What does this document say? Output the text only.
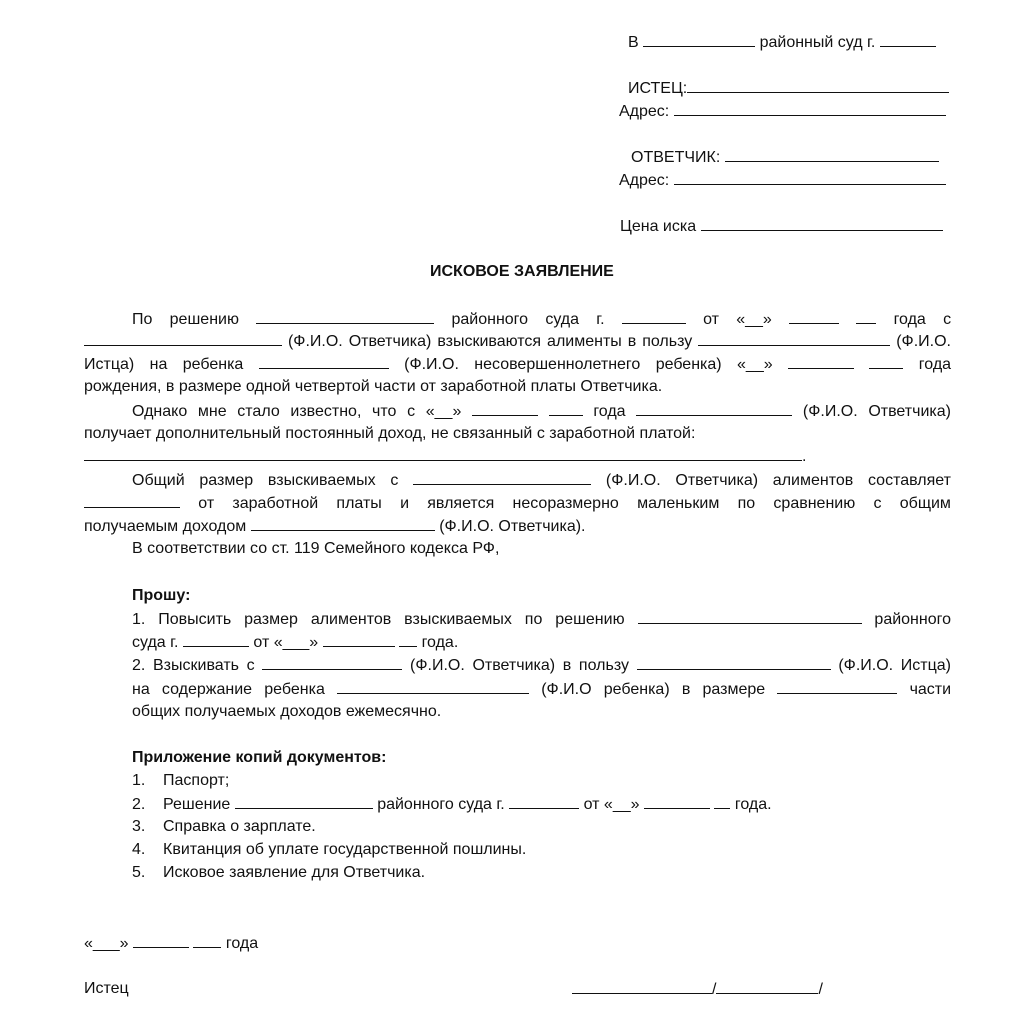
В	районный суд г.
ИСТЕЦ:
Адрес:
ОТВЕТЧИК:
Адрес:
Цена иска
ИСКОВОЕ ЗАЯВЛЕНИЕ
По решению	районного суда г.	от «__»	года с
(Ф.И.О. Ответчика) взыскиваются алименты в пользу	(Ф.И.О.
Истца) на ребенка	(Ф.И.О. несовершеннолетнего ребенка) «__»	года
рождения, в размере одной четвертой части от заработной платы Ответчика.
Однако мне стало известно, что с «__»	года	(Ф.И.О. Ответчика)
получает дополнительный постоянный доход, не связанный с заработной платой:
.
Общий размер взыскиваемых с	(Ф.И.О. Ответчика) алиментов составляет
от заработной платы и является несоразмерно маленьким по сравнению с общим
получаемым доходом	(Ф.И.О. Ответчика).
В соответствии со ст. 119 Семейного кодекса РФ,
Прошу:
1. Повысить размер алиментов взыскиваемых по решению	районного
суда г.	от «___»	года.
2. Взыскивать с	(Ф.И.О. Ответчика) в пользу	(Ф.И.О. Истца)
на содержание ребенка	(Ф.И.О ребенка) в размере	части
общих получаемых доходов ежемесячно.
Приложение копий документов:
1. Паспорт;
2. Решение	районного суда г.	от «__»	года.
3. Справка о зарплате.
4. Квитанция об уплате государственной пошлины.
5. Исковое заявление для Ответчика.
«___»	года
Истец	/	/
